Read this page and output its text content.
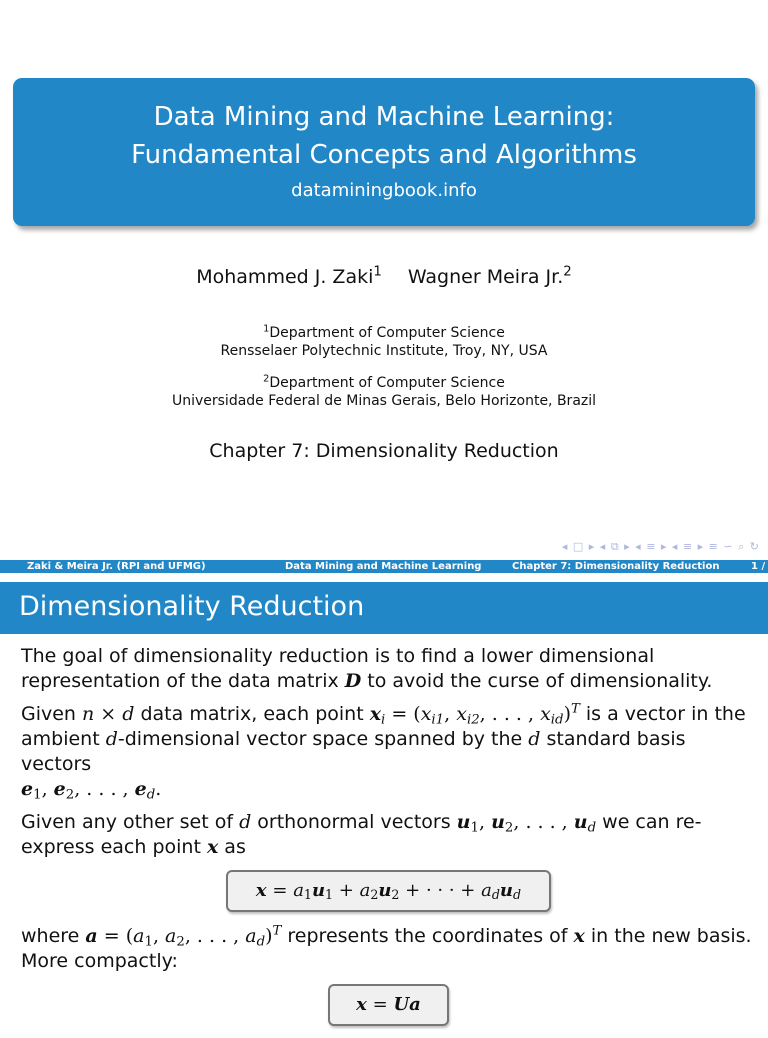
Data Mining and Machine Learning:
Fundamental Concepts and Algorithms
dataminingbook.info
Mohammed J. Zaki$^1$ Wagner Meira Jr.$^2$
$^1$Department of Computer Science
Rensselaer Polytechnic Institute, Troy, NY, USA
$^2$Department of Computer Science
Universidade Federal de Minas Gerais, Belo Horizonte, Brazil
Chapter 7: Dimensionality Reduction
◂ □ ▸ ◂ ⧉ ▸ ◂ ≡ ▸ ◂ ≡ ▸ ≡ ∽ ⌕ ↻
Zaki & Meira Jr. (RPI and UFMG)	Data Mining and Machine Learning	Chapter 7: Dimensionality Reduction	1 /
Dimensionality Reduction

The goal of dimensionality reduction is to find a lower dimensional representation of the data matrix D to avoid the curse of dimensionality.

Given n × d data matrix, each point $x_i = (x_{i1}$, $x_{i2}$, . . . , $x_{id})^T$ is a vector in the ambient d-dimensional vector space spanned by the d standard basis vectors
$e_1$, $e_2$, . . . , $e_d$.

Given any other set of d orthonormal vectors $u_1$, $u_2$, . . . , $u_d$ we can re-express each point x as

$x = a_1u_1 + a_2u_2$ + · · · + $a_du_d$

where $a = (a_1$, $a_2$, . . . , $a_d)^T$ represents the coordinates of x in the new basis. More compactly:

x = Ua
